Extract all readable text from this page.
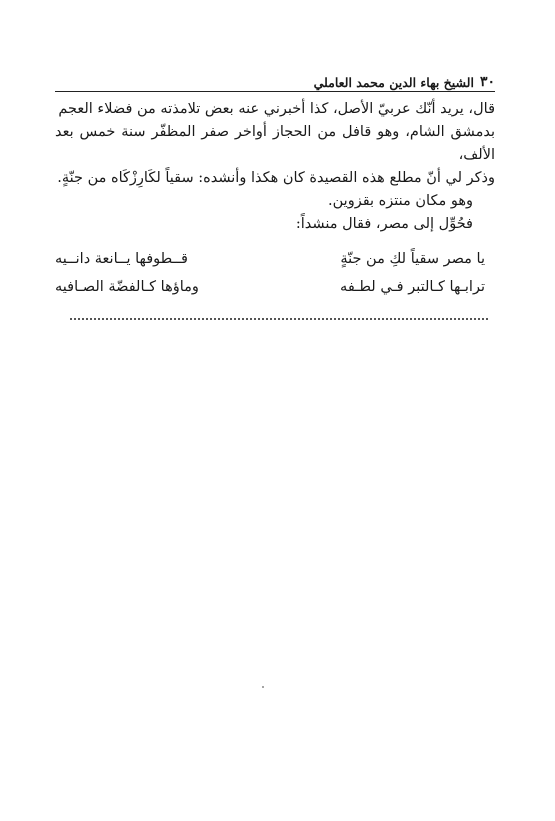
٣٠
الشيخ بهاء الدين محمد العاملي

قال، يريد أنّك عربيّ الأصل، كذا أخبرني عنه بعض تلامذته من فضلاء العجم

بدمشق الشام، وهو قافل من الحجاز أواخر صفر المظفّر سنة خمس بعد الألف،

وذكر لي أنّ مطلع هذه القصيدة كان هكذا وأنشده: سقياً لكَارِزْكَاه من جنّةٍ.

وهو مكان منتزه بقزوين.

فحُوِّل إلى مصر، فقال منشداً:

يا مصر سقياً لكِ من جنّةٍ
قــطوفها يــانعة دانــيه
ترابـها كـالتبر فـي لطـفه
وماؤها كـالفضّة الصـافيه
